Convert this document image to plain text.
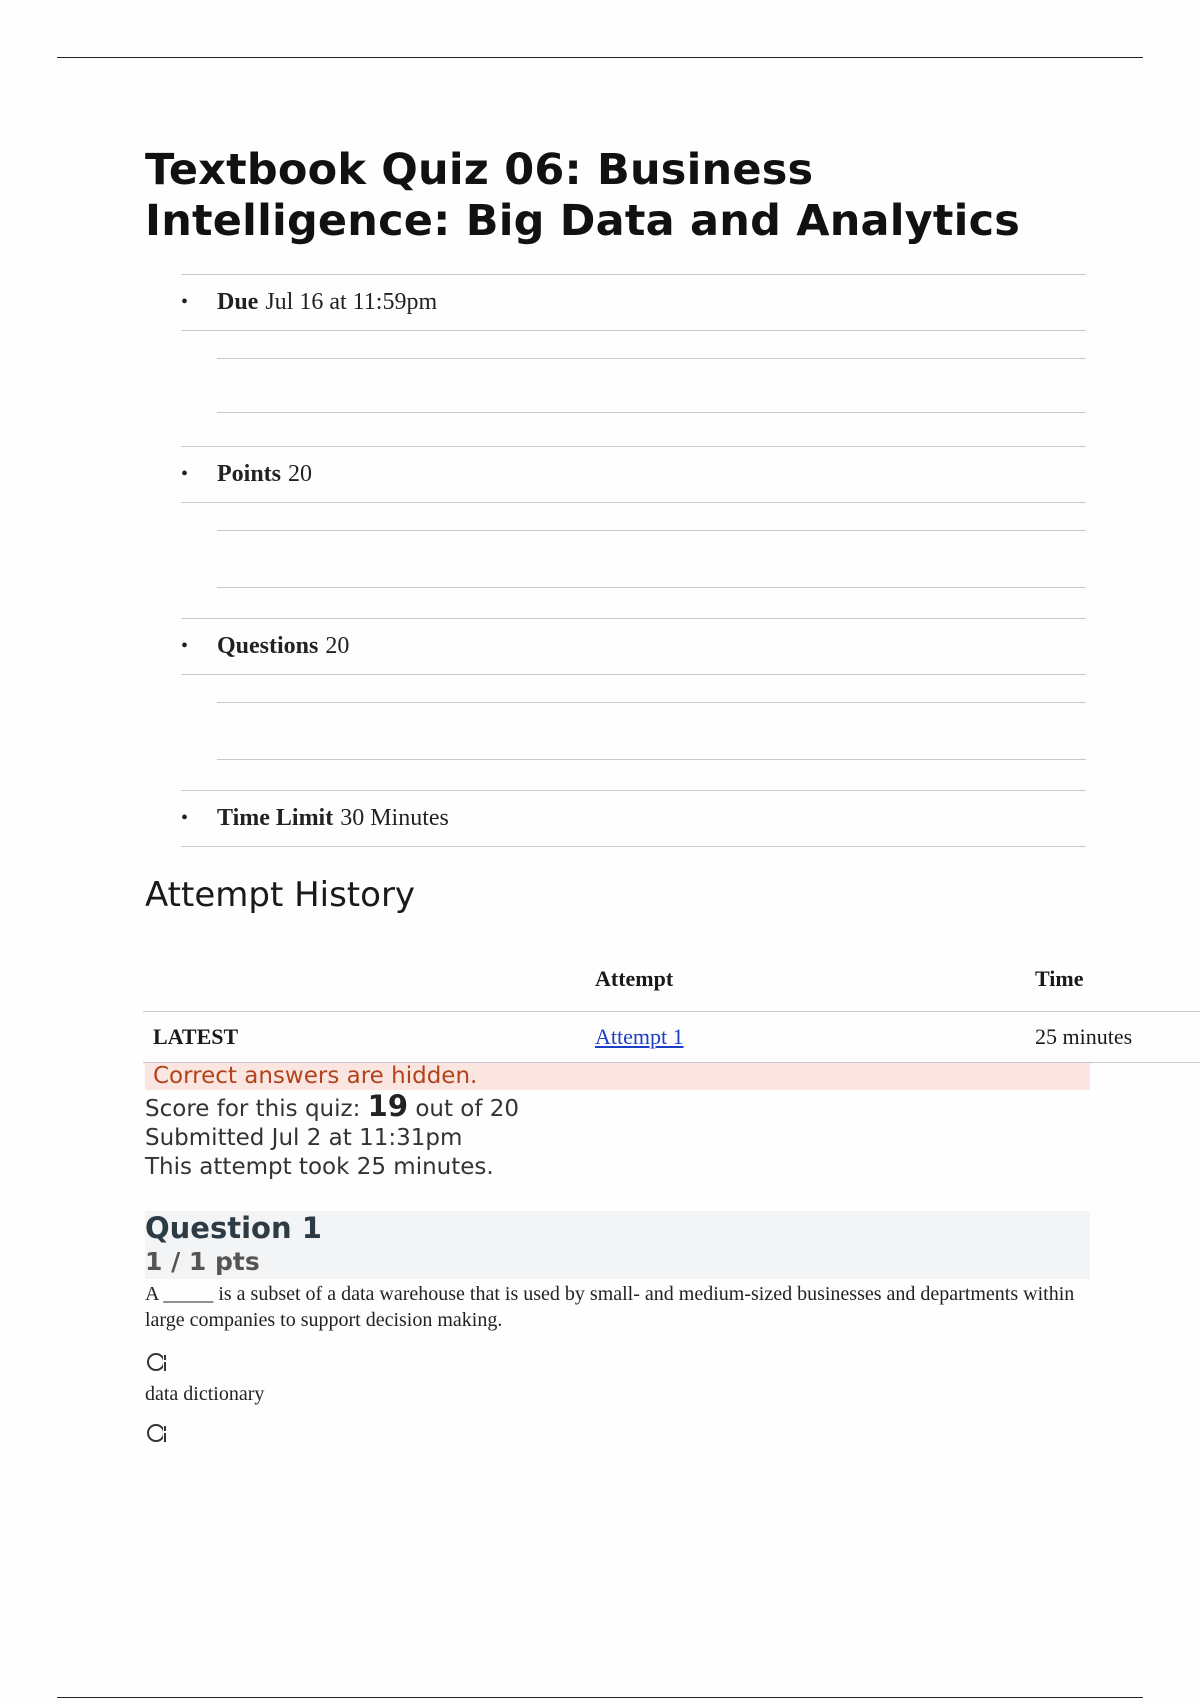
Textbook Quiz 06: Business Intelligence: Big Data and Analytics
•	Due Jul 16 at 11:59pm
•	Points 20
•	Questions 20
•	Time Limit 30 Minutes
Attempt History
	Attempt	Time
LATEST	Attempt 1	25 minutes
Correct answers are hidden.
Score for this quiz: 19 out of 20
Submitted Jul 2 at 11:31pm
This attempt took 25 minutes.
Question 1
1 / 1 pts
A _____ is a subset of a data warehouse that is used by small- and medium-sized businesses and departments within large companies to support decision making.
data dictionary
